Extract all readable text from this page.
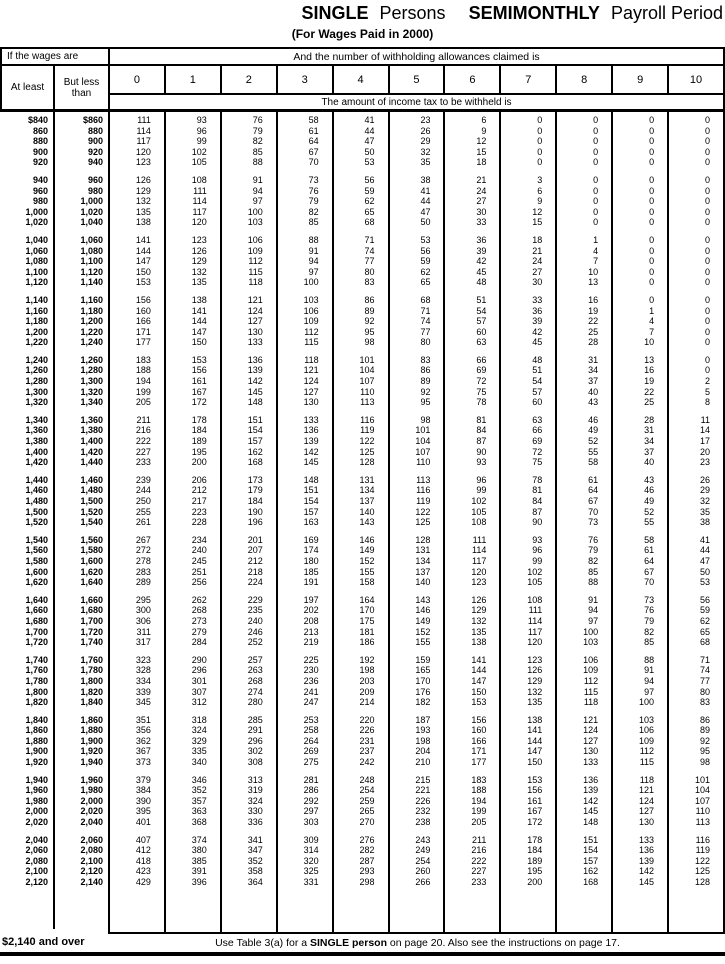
SINGLE Persons SEMIMONTHLY Payroll Period
(For Wages Paid in 2000)
If the wages are	And the number of withholding allowances claimed is
At least	But less than
0	1	2	3	4	5	6	7	8	9	10
The amount of income tax to be withheld is
$840	$860	111	93	76	58	41	23	6	0	0	0	0
860	880	114	96	79	61	44	26	9	0	0	0	0
880	900	117	99	82	64	47	29	12	0	0	0	0
900	920	120	102	85	67	50	32	15	0	0	0	0
920	940	123	105	88	70	53	35	18	0	0	0	0
940	960	126	108	91	73	56	38	21	3	0	0	0
960	980	129	111	94	76	59	41	24	6	0	0	0
980	1,000	132	114	97	79	62	44	27	9	0	0	0
1,000	1,020	135	117	100	82	65	47	30	12	0	0	0
1,020	1,040	138	120	103	85	68	50	33	15	0	0	0
1,040	1,060	141	123	106	88	71	53	36	18	1	0	0
1,060	1,080	144	126	109	91	74	56	39	21	4	0	0
1,080	1,100	147	129	112	94	77	59	42	24	7	0	0
1,100	1,120	150	132	115	97	80	62	45	27	10	0	0
1,120	1,140	153	135	118	100	83	65	48	30	13	0	0
1,140	1,160	156	138	121	103	86	68	51	33	16	0	0
1,160	1,180	160	141	124	106	89	71	54	36	19	1	0
1,180	1,200	166	144	127	109	92	74	57	39	22	4	0
1,200	1,220	171	147	130	112	95	77	60	42	25	7	0
1,220	1,240	177	150	133	115	98	80	63	45	28	10	0
1,240	1,260	183	153	136	118	101	83	66	48	31	13	0
1,260	1,280	188	156	139	121	104	86	69	51	34	16	0
1,280	1,300	194	161	142	124	107	89	72	54	37	19	2
1,300	1,320	199	167	145	127	110	92	75	57	40	22	5
1,320	1,340	205	172	148	130	113	95	78	60	43	25	8
1,340	1,360	211	178	151	133	116	98	81	63	46	28	11
1,360	1,380	216	184	154	136	119	101	84	66	49	31	14
1,380	1,400	222	189	157	139	122	104	87	69	52	34	17
1,400	1,420	227	195	162	142	125	107	90	72	55	37	20
1,420	1,440	233	200	168	145	128	110	93	75	58	40	23
1,440	1,460	239	206	173	148	131	113	96	78	61	43	26
1,460	1,480	244	212	179	151	134	116	99	81	64	46	29
1,480	1,500	250	217	184	154	137	119	102	84	67	49	32
1,500	1,520	255	223	190	157	140	122	105	87	70	52	35
1,520	1,540	261	228	196	163	143	125	108	90	73	55	38
1,540	1,560	267	234	201	169	146	128	111	93	76	58	41
1,560	1,580	272	240	207	174	149	131	114	96	79	61	44
1,580	1,600	278	245	212	180	152	134	117	99	82	64	47
1,600	1,620	283	251	218	185	155	137	120	102	85	67	50
1,620	1,640	289	256	224	191	158	140	123	105	88	70	53
1,640	1,660	295	262	229	197	164	143	126	108	91	73	56
1,660	1,680	300	268	235	202	170	146	129	111	94	76	59
1,680	1,700	306	273	240	208	175	149	132	114	97	79	62
1,700	1,720	311	279	246	213	181	152	135	117	100	82	65
1,720	1,740	317	284	252	219	186	155	138	120	103	85	68
1,740	1,760	323	290	257	225	192	159	141	123	106	88	71
1,760	1,780	328	296	263	230	198	165	144	126	109	91	74
1,780	1,800	334	301	268	236	203	170	147	129	112	94	77
1,800	1,820	339	307	274	241	209	176	150	132	115	97	80
1,820	1,840	345	312	280	247	214	182	153	135	118	100	83
1,840	1,860	351	318	285	253	220	187	156	138	121	103	86
1,860	1,880	356	324	291	258	226	193	160	141	124	106	89
1,880	1,900	362	329	296	264	231	198	166	144	127	109	92
1,900	1,920	367	335	302	269	237	204	171	147	130	112	95
1,920	1,940	373	340	308	275	242	210	177	150	133	115	98
1,940	1,960	379	346	313	281	248	215	183	153	136	118	101
1,960	1,980	384	352	319	286	254	221	188	156	139	121	104
1,980	2,000	390	357	324	292	259	226	194	161	142	124	107
2,000	2,020	395	363	330	297	265	232	199	167	145	127	110
2,020	2,040	401	368	336	303	270	238	205	172	148	130	113
2,040	2,060	407	374	341	309	276	243	211	178	151	133	116
2,060	2,080	412	380	347	314	282	249	216	184	154	136	119
2,080	2,100	418	385	352	320	287	254	222	189	157	139	122
2,100	2,120	423	391	358	325	293	260	227	195	162	142	125
2,120	2,140	429	396	364	331	298	266	233	200	168	145	128
$2,140 and over	Use Table 3(a) for a SINGLE person on page 20. Also see the instructions on page 17.
